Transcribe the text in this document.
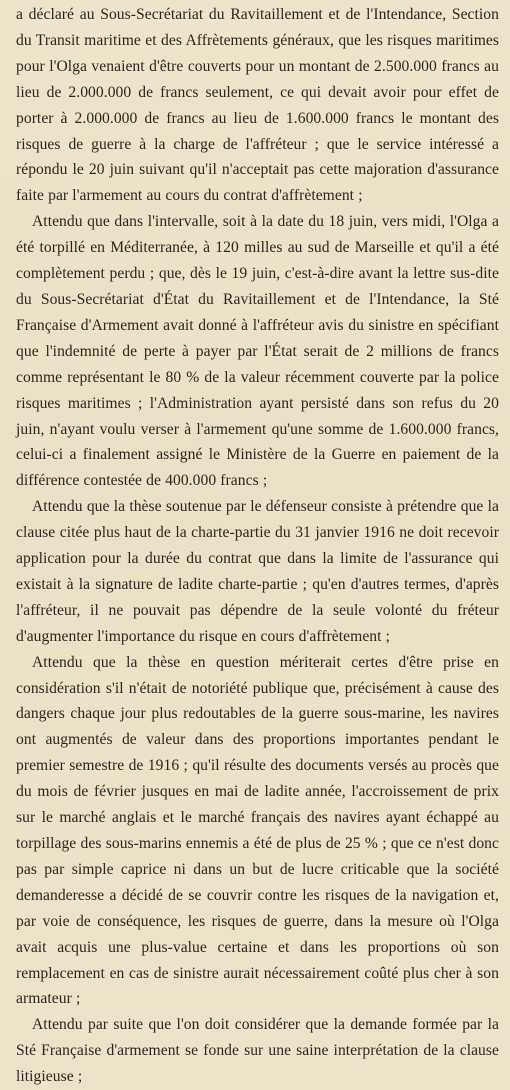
a déclaré au Sous-Secrétariat du Ravitaillement et de l'Intendance, Section du Transit maritime et des Affrètements généraux, que les risques maritimes pour l'Olga venaient d'être couverts pour un montant de 2.500.000 francs au lieu de 2.000.000 de francs seulement, ce qui devait avoir pour effet de porter à 2.000.000 de francs au lieu de 1.600.000 francs le montant des risques de guerre à la charge de l'affréteur ; que le service intéressé a répondu le 20 juin suivant qu'il n'acceptait pas cette majoration d'assurance faite par l'armement au cours du contrat d'affrètement ;

Attendu que dans l'intervalle, soit à la date du 18 juin, vers midi, l'Olga a été torpillé en Méditerranée, à 120 milles au sud de Marseille et qu'il a été complètement perdu ; que, dès le 19 juin, c'est-à-dire avant la lettre sus-dite du Sous-Secrétariat d'État du Ravitaillement et de l'Intendance, la Sté Française d'Armement avait donné à l'affréteur avis du sinistre en spécifiant que l'indemnité de perte à payer par l'État serait de 2 millions de francs comme représentant le 80 % de la valeur récemment couverte par la police risques maritimes ; l'Administration ayant persisté dans son refus du 20 juin, n'ayant voulu verser à l'armement qu'une somme de 1.600.000 francs, celui-ci a finalement assigné le Ministère de la Guerre en paiement de la différence contestée de 400.000 francs ;

Attendu que la thèse soutenue par le défenseur consiste à prétendre que la clause citée plus haut de la charte-partie du 31 janvier 1916 ne doit recevoir application pour la durée du contrat que dans la limite de l'assurance qui existait à la signature de ladite charte-partie ; qu'en d'autres termes, d'après l'affréteur, il ne pouvait pas dépendre de la seule volonté du fréteur d'augmenter l'importance du risque en cours d'affrètement ;

Attendu que la thèse en question mériterait certes d'être prise en considération s'il n'était de notoriété publique que, précisément à cause des dangers chaque jour plus redoutables de la guerre sous-marine, les navires ont augmentés de valeur dans des proportions importantes pendant le premier semestre de 1916 ; qu'il résulte des documents versés au procès que du mois de février jusques en mai de ladite année, l'accroissement de prix sur le marché anglais et le marché français des navires ayant échappé au torpillage des sous-marins ennemis a été de plus de 25 % ; que ce n'est donc pas par simple caprice ni dans un but de lucre criticable que la société demanderesse a décidé de se couvrir contre les risques de la navigation et, par voie de conséquence, les risques de guerre, dans la mesure où l'Olga avait acquis une plus-value certaine et dans les proportions où son remplacement en cas de sinistre aurait nécessairement coûté plus cher à son armateur ;

Attendu par suite que l'on doit considérer que la demande formée par la Sté Française d'armement se fonde sur une saine interprétation de la clause litigieuse ;
